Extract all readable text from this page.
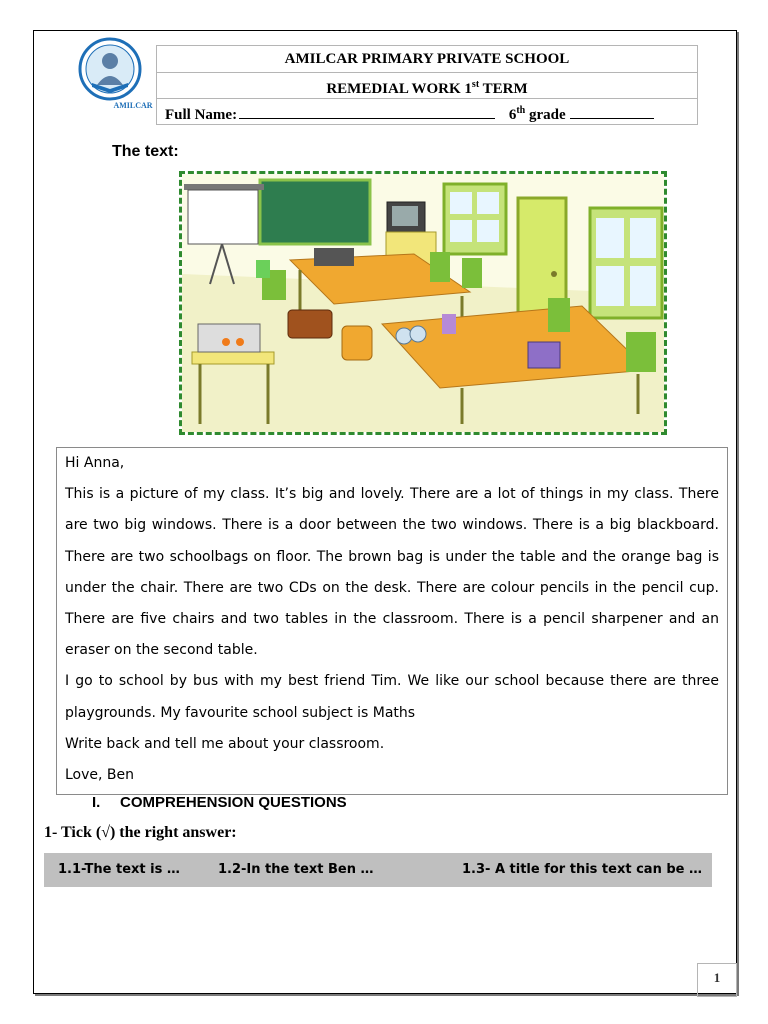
AMILCAR
AMILCAR PRIMARY PRIVATE SCHOOL
REMEDIAL WORK 1st TERM
Full Name:	6th grade
The text:

Hi Anna,

This is a picture of my class. It’s big and lovely. There are a lot of things in my class. There are two big windows. There is a door between the two windows. There is a big blackboard. There are two schoolbags on floor. The brown bag is under the table and the orange bag is under the chair. There are two CDs on the desk. There are colour pencils in the pencil cup. There are five chairs and two tables in the classroom. There is a pencil sharpener and an eraser on the second table.

I go to school by bus with my best friend Tim. We like our school because there are three playgrounds. My favourite school subject is Maths

Write back and tell me about your classroom.

Love, Ben

I. COMPREHENSION QUESTIONS
1- Tick (√) the right answer:
1.1-The text is …	1.2-In the text Ben …	1.3- A title for this text can be …
1
